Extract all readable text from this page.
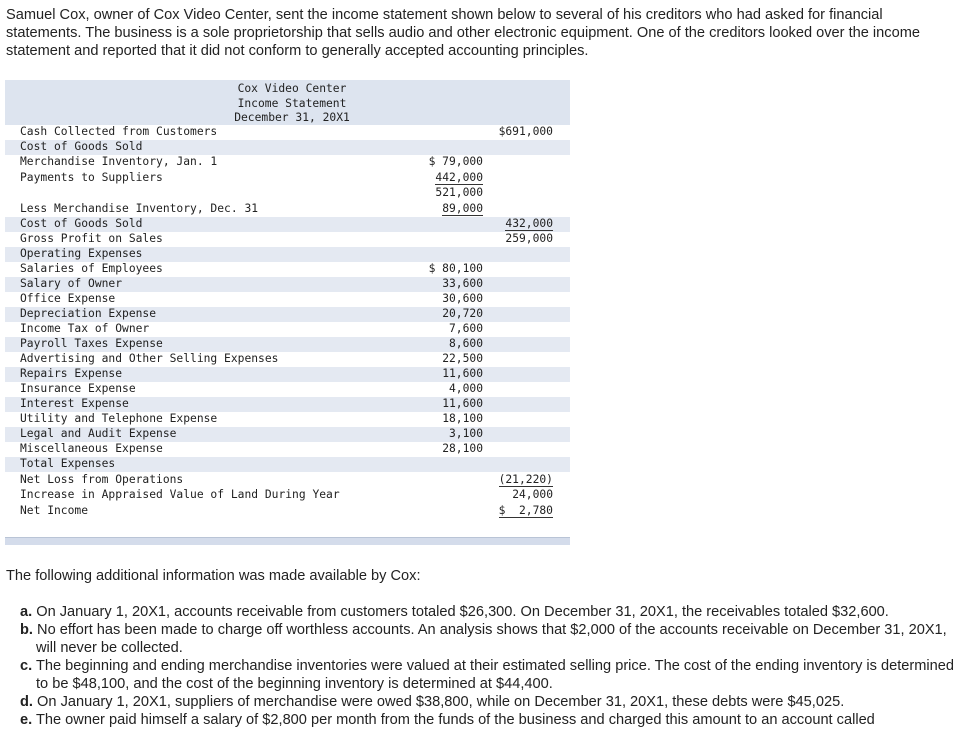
Samuel Cox, owner of Cox Video Center, sent the income statement shown below to several of his creditors who had asked for financial statements. The business is a sole proprietorship that sells audio and other electronic equipment. One of the creditors looked over the income statement and reported that it did not conform to generally accepted accounting principles.

Cox Video Center
Income Statement
December 31, 20X1
Cash Collected from Customers	$691,000
Cost of Goods Sold
Merchandise Inventory, Jan. 1	$ 79,000
Payments to Suppliers	442,000
521,000
Less Merchandise Inventory, Dec. 31	89,000
Cost of Goods Sold	432,000
Gross Profit on Sales	259,000
Operating Expenses
Salaries of Employees	$ 80,100
Salary of Owner	33,600
Office Expense	30,600
Depreciation Expense	20,720
Income Tax of Owner	7,600
Payroll Taxes Expense	8,600
Advertising and Other Selling Expenses	22,500
Repairs Expense	11,600
Insurance Expense	4,000
Interest Expense	11,600
Utility and Telephone Expense	18,100
Legal and Audit Expense	3,100
Miscellaneous Expense	28,100
Total Expenses
Net Loss from Operations	(21,220)
Increase in Appraised Value of Land During Year	24,000
Net Income	$  2,780

The following additional information was made available by Cox:

a. On January 1, 20X1, accounts receivable from customers totaled $26,300. On December 31, 20X1, the receivables totaled $32,600.
b. No effort has been made to charge off worthless accounts. An analysis shows that $2,000 of the accounts receivable on December 31, 20X1, will never be collected.
c. The beginning and ending merchandise inventories were valued at their estimated selling price. The cost of the ending inventory is determined to be $48,100, and the cost of the beginning inventory is determined at $44,400.
d. On January 1, 20X1, suppliers of merchandise were owed $38,800, while on December 31, 20X1, these debts were $45,025.
e. The owner paid himself a salary of $2,800 per month from the funds of the business and charged this amount to an account called
